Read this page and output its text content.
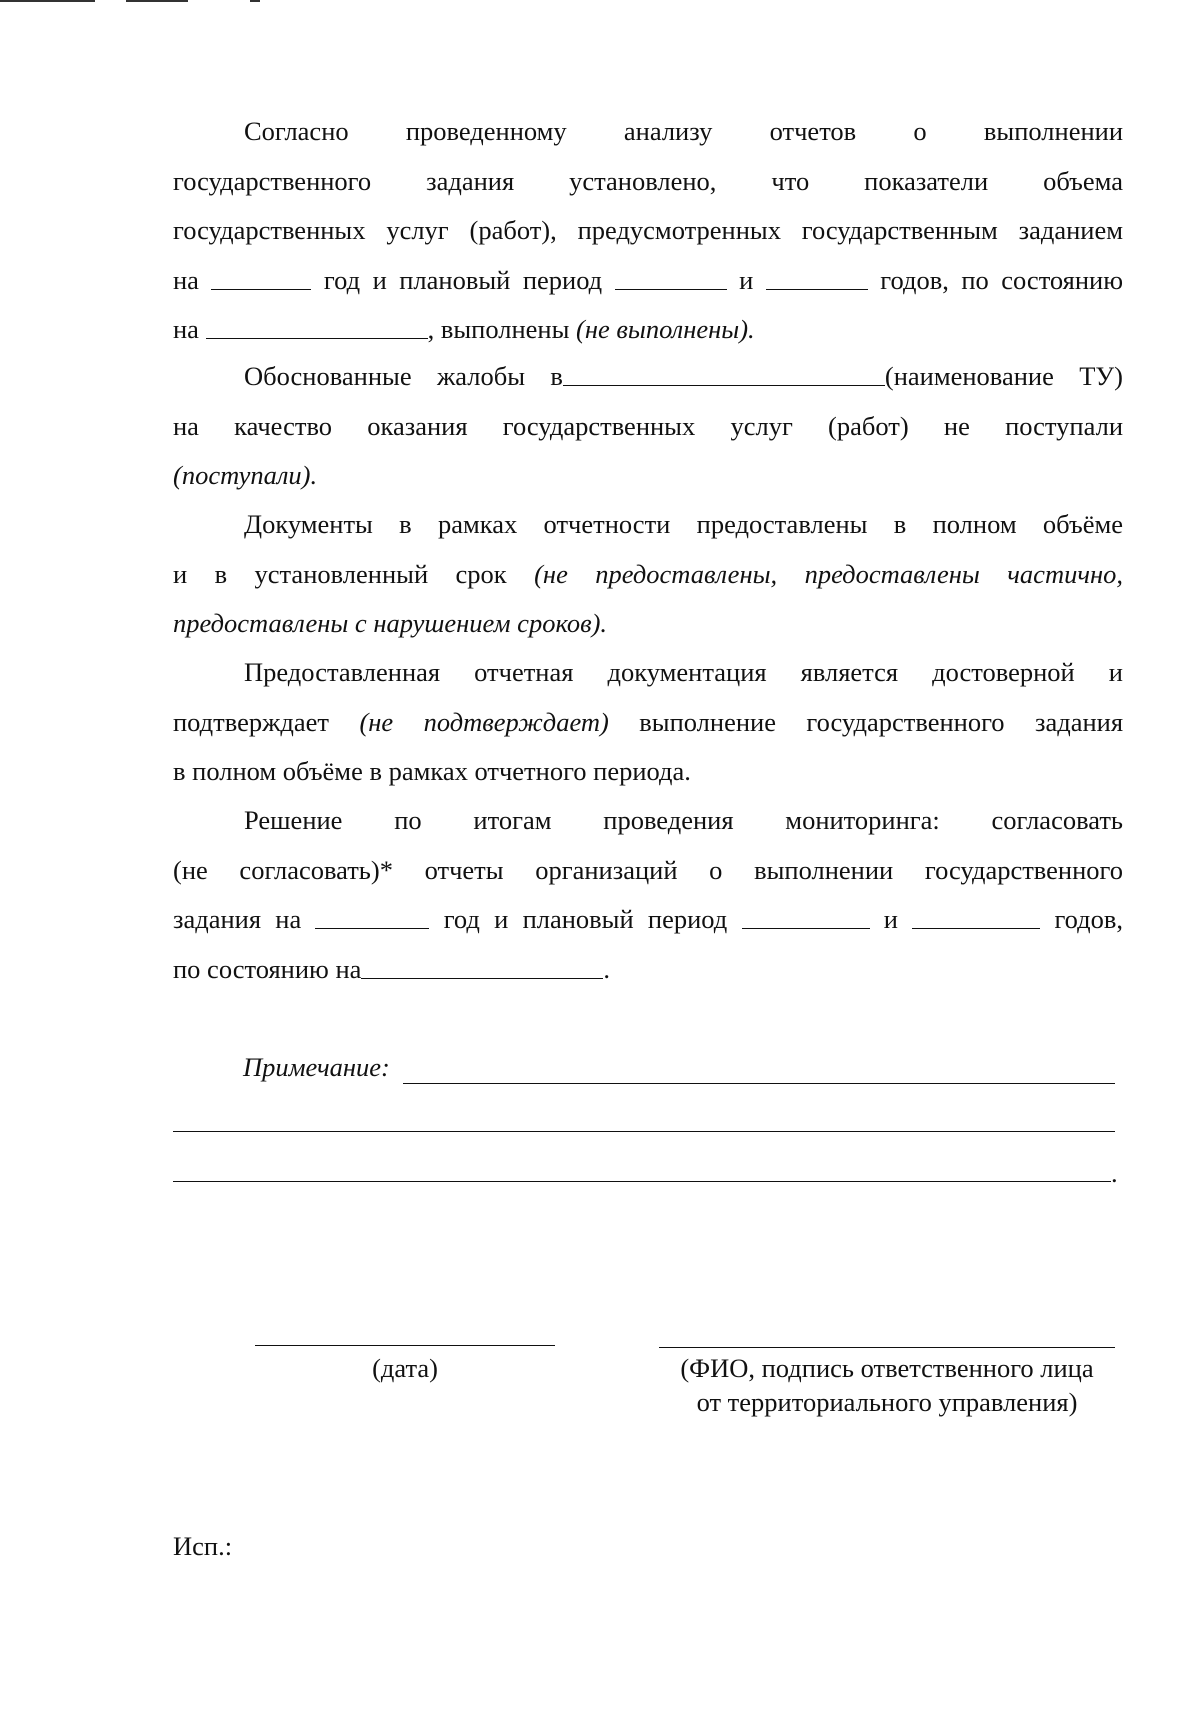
Согласно проведенному анализу отчетов о выполнении
государственного задания установлено, что показатели объема
государственных услуг (работ), предусмотренных государственным заданием
на	год и плановый период	и	годов, по состоянию
на	, выполнены (не выполнены).
Обоснованные жалобы в	(наименование ТУ)
на качество оказания государственных услуг (работ) не поступали
(поступали).
Документы в рамках отчетности предоставлены в полном объёме
и в установленный срок (не предоставлены, предоставлены частично,
предоставлены с нарушением сроков).
Предоставленная отчетная документация является достоверной и
подтверждает (не подтверждает) выполнение государственного задания
в полном объёме в рамках отчетного периода.
Решение по итогам проведения мониторинга: согласовать
(не согласовать)* отчеты организаций о выполнении государственного
задания на	год и плановый период	и	годов,
по состоянию на	.
Примечание:
.
(дата)	(ФИО, подпись ответственного лица
от территориального управления)
Исп.:
